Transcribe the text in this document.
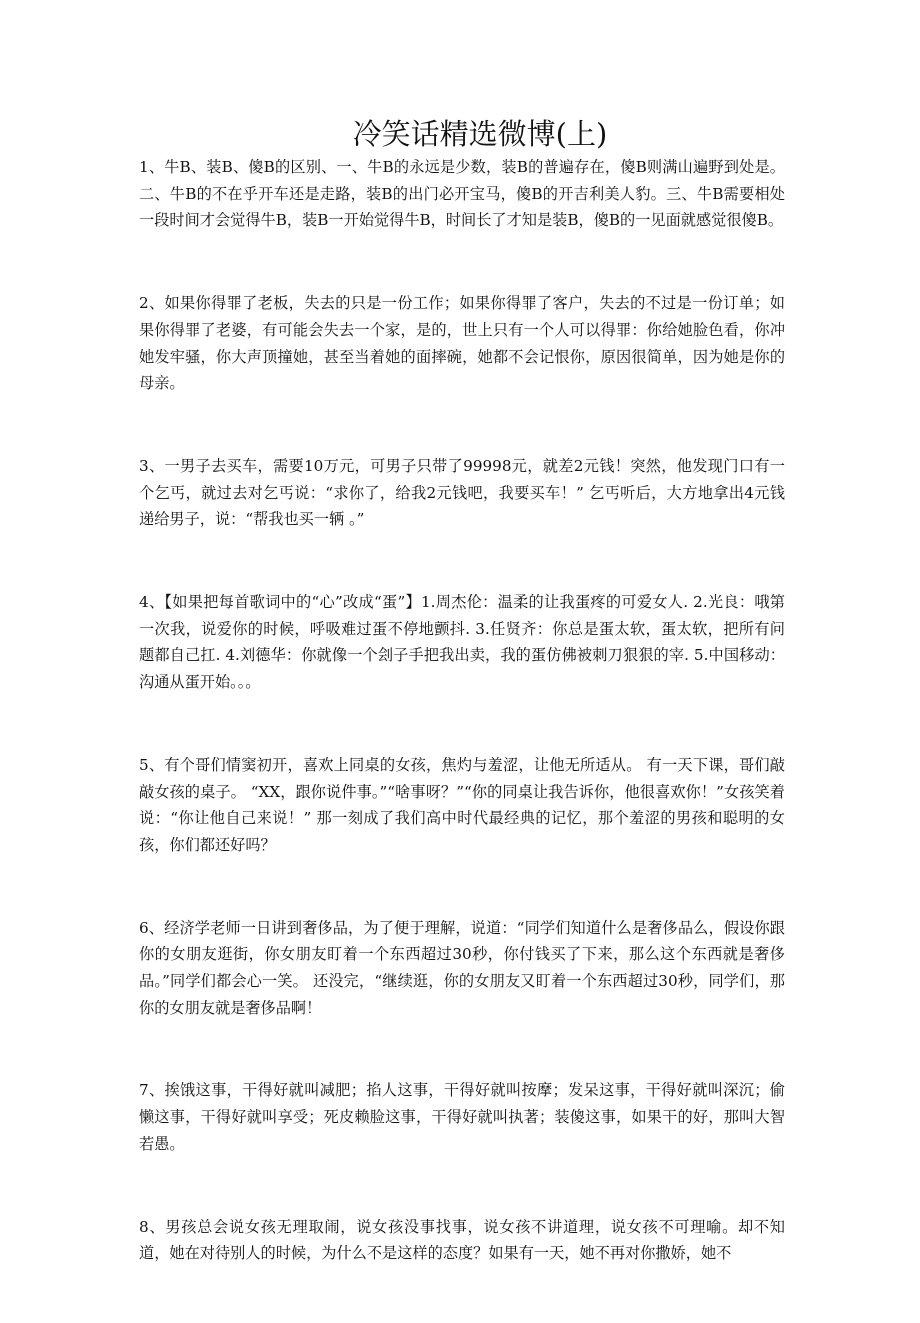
冷笑话精选微博(上)

1、牛B、装B、傻B的区别、一、牛B的永远是少数，装B的普遍存在，傻B则满山遍野到处是。二、牛B的不在乎开车还是走路，装B的出门必开宝马，傻B的开吉利美人豹。三、牛B需要相处一段时间才会觉得牛B，装B一开始觉得牛B，时间长了才知是装B，傻B的一见面就感觉很傻B。

2、如果你得罪了老板，失去的只是一份工作；如果你得罪了客户，失去的不过是一份订单；如果你得罪了老婆，有可能会失去一个家，是的，世上只有一个人可以得罪：你给她脸色看，你冲她发牢骚，你大声顶撞她，甚至当着她的面摔碗，她都不会记恨你，原因很简单，因为她是你的母亲。

3、一男子去买车，需要10万元，可男子只带了99998元，就差2元钱！突然，他发现门口有一个乞丐，就过去对乞丐说：“求你了，给我2元钱吧，我要买车！” 乞丐听后，大方地拿出4元钱递给男子，说：“帮我也买一辆 。”

4、【如果把每首歌词中的“心”改成“蛋”】1.周杰伦：温柔的让我蛋疼的可爱女人. 2.光良：哦第一次我，说爱你的时候，呼吸难过蛋不停地颤抖. 3.任贤齐：你总是蛋太软，蛋太软，把所有问题都自己扛. 4.刘德华：你就像一个刽子手把我出卖，我的蛋仿佛被刺刀狠狠的宰. 5.中国移动：沟通从蛋开始。。。

5、有个哥们情窦初开，喜欢上同桌的女孩，焦灼与羞涩，让他无所适从。 有一天下课，哥们敲敲女孩的桌子。 “XX，跟你说件事。”“啥事呀？”“你的同桌让我告诉你，他很喜欢你！”女孩笑着说：“你让他自己来说！” 那一刻成了我们高中时代最经典的记忆，那个羞涩的男孩和聪明的女孩，你们都还好吗？

6、经济学老师一日讲到奢侈品，为了便于理解，说道：“同学们知道什么是奢侈品么，假设你跟你的女朋友逛街，你女朋友盯着一个东西超过30秒，你付钱买了下来，那么这个东西就是奢侈品。”同学们都会心一笑。 还没完，“继续逛，你的女朋友又盯着一个东西超过30秒，同学们，那你的女朋友就是奢侈品啊！

7、挨饿这事，干得好就叫减肥；掐人这事，干得好就叫按摩；发呆这事，干得好就叫深沉；偷懒这事，干得好就叫享受；死皮赖脸这事，干得好就叫执著；装傻这事，如果干的好，那叫大智若愚。

8、男孩总会说女孩无理取闹，说女孩没事找事，说女孩不讲道理，说女孩不可理喻。却不知道，她在对待别人的时候，为什么不是这样的态度？如果有一天，她不再对你撒娇，她不
